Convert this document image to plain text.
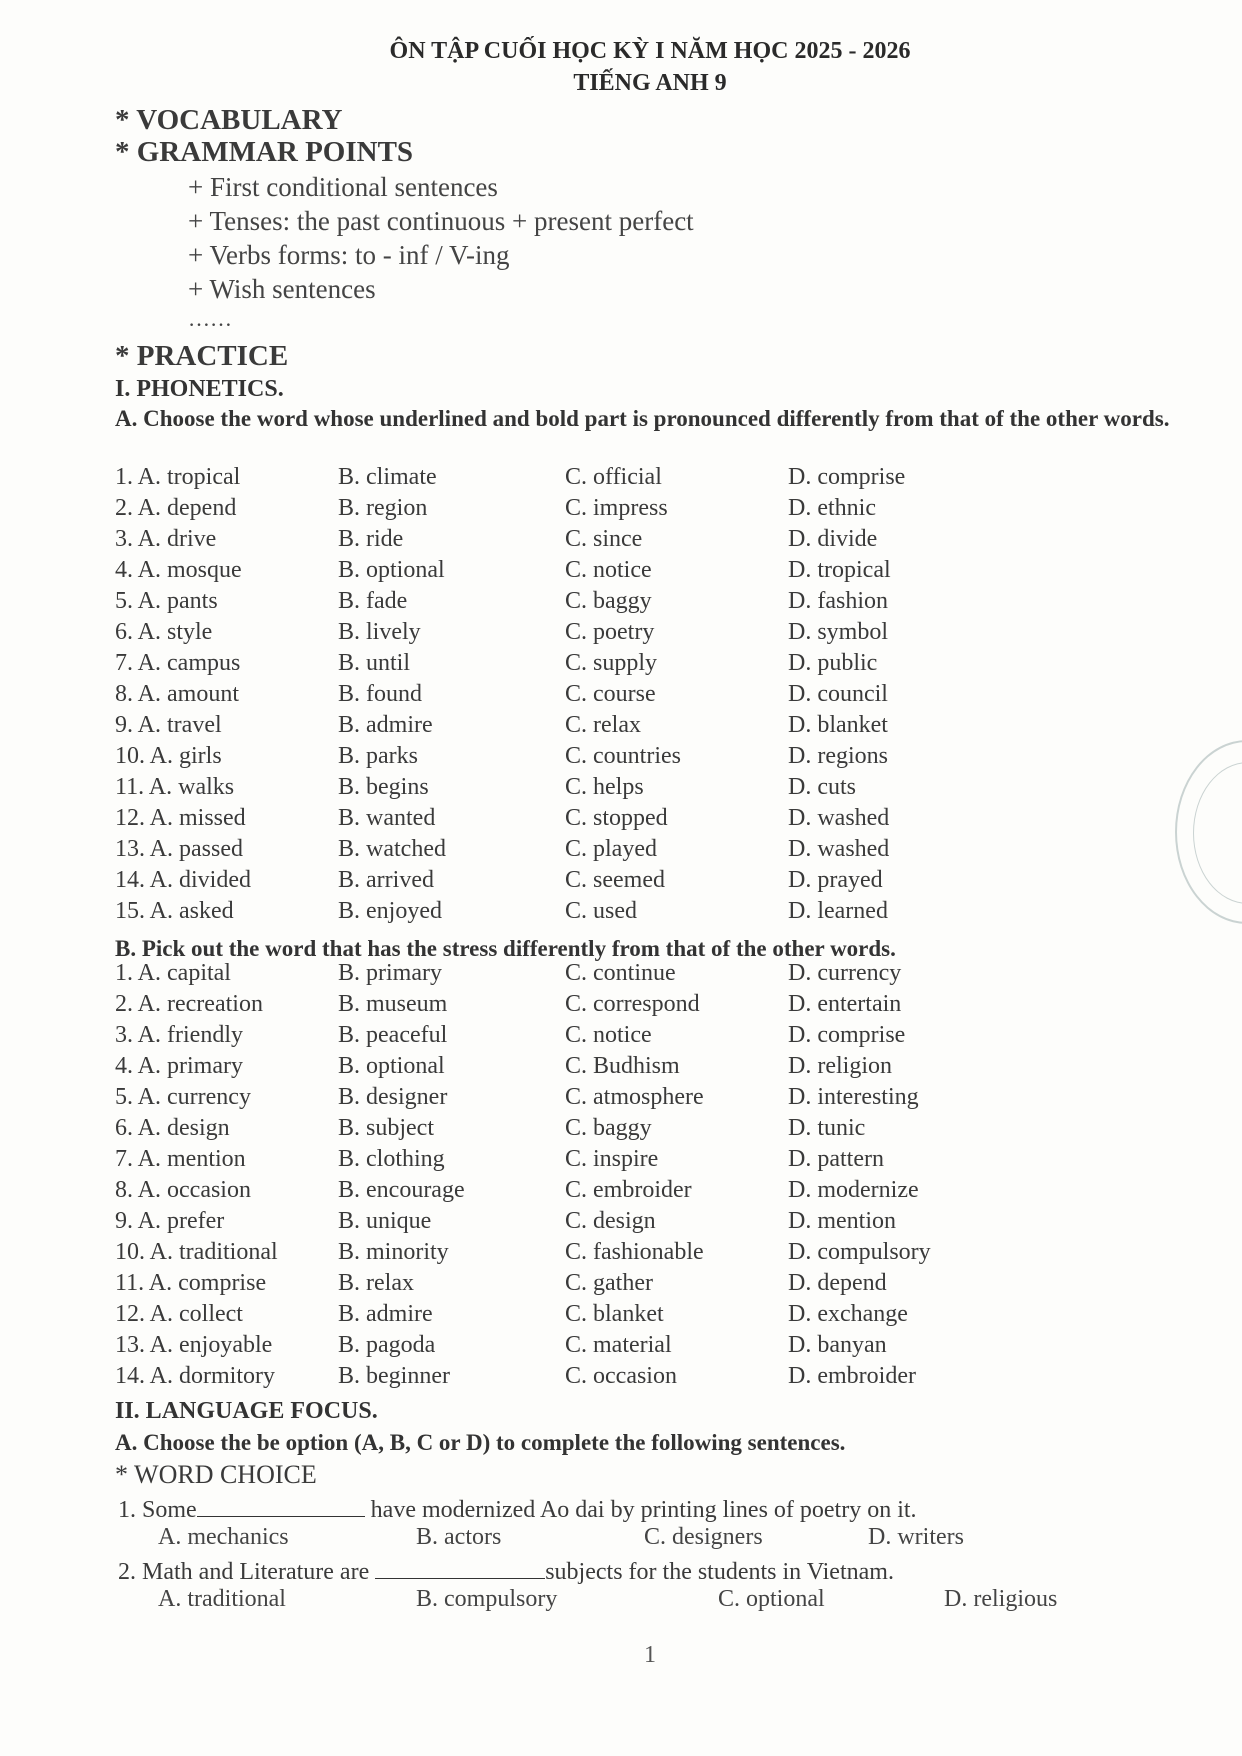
ÔN TẬP CUỐI HỌC KỲ I NĂM HỌC 2025 - 2026
TIẾNG ANH 9
* VOCABULARY
* GRAMMAR POINTS
+ First conditional sentences
+ Tenses: the past continuous + present perfect
+ Verbs forms: to - inf / V-ing
+ Wish sentences
……
* PRACTICE
I. PHONETICS.
A. Choose the word whose underlined and bold part is pronounced differently from that of the other words.
1. A. tropical	B. climate	C. official	D. comprise
2. A. depend	B. region	C. impress	D. ethnic
3. A. drive	B. ride	C. since	D. divide
4. A. mosque	B. optional	C. notice	D. tropical
5. A. pants	B. fade	C. baggy	D. fashion
6. A. style	B. lively	C. poetry	D. symbol
7. A. campus	B. until	C. supply	D. public
8. A. amount	B. found	C. course	D. council
9. A. travel	B. admire	C. relax	D. blanket
10. A. girls	B. parks	C. countries	D. regions
11. A. walks	B. begins	C. helps	D. cuts
12. A. missed	B. wanted	C. stopped	D. washed
13. A. passed	B. watched	C. played	D. washed
14. A. divided	B. arrived	C. seemed	D. prayed
15. A. asked	B. enjoyed	C. used	D. learned
B. Pick out the word that has the stress differently from that of the other words.
1. A. capital	B. primary	C. continue	D. currency
2. A. recreation	B. museum	C. correspond	D. entertain
3. A. friendly	B. peaceful	C. notice	D. comprise
4. A. primary	B. optional	C. Budhism	D. religion
5. A. currency	B. designer	C. atmosphere	D. interesting
6. A. design	B. subject	C. baggy	D. tunic
7. A. mention	B. clothing	C. inspire	D. pattern
8. A. occasion	B. encourage	C. embroider	D. modernize
9. A. prefer	B. unique	C. design	D. mention
10. A. traditional	B. minority	C. fashionable	D. compulsory
11. A. comprise	B. relax	C. gather	D. depend
12. A. collect	B. admire	C. blanket	D. exchange
13. A. enjoyable	B. pagoda	C. material	D. banyan
14. A. dormitory	B. beginner	C. occasion	D. embroider
II. LANGUAGE FOCUS.
A. Choose the be option (A, B, C or D) to complete the following sentences.
* WORD CHOICE
1. Some	have modernized Ao dai by printing lines of poetry on it.
A. mechanics	B. actors	C. designers	D. writers
2. Math and Literature are	subjects for the students in Vietnam.
A. traditional	B. compulsory	C. optional	D. religious
1
